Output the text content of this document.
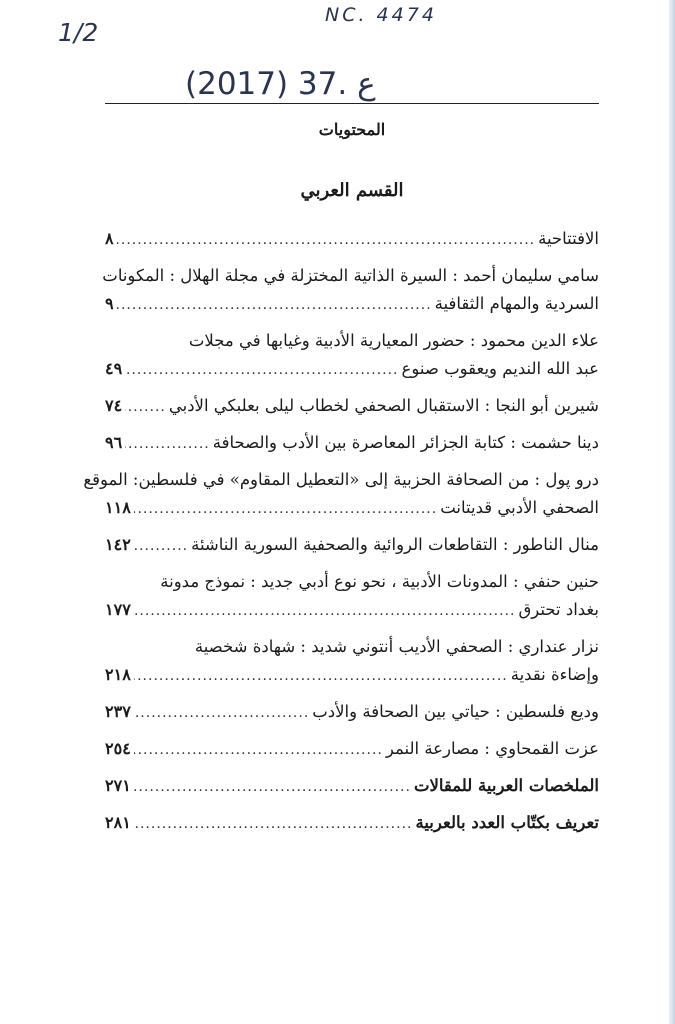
1/2
NC. 4474
(2017) 37. ع
المحتويات
القسم العربي
الافتتاحية
.....
٨
سامي سليمان أحمد : السيرة الذاتية المختزلة في مجلة الهلال : المكونات
السردية والمهام الثقافية
.....
٩
علاء الدين محمود : حضور المعيارية الأدبية وغيابها في مجلات
عبد الله النديم ويعقوب صنوع
.....
٤٩
شيرين أبو النجا : الاستقبال الصحفي لخطاب ليلى بعلبكي الأدبي
.....
٧٤
دينا حشمت : كتابة الجزائر المعاصرة بين الأدب والصحافة
.....
٩٦
درو پول : من الصحافة الحزبية إلى «التعطيل المقاوم» في فلسطين: الموقع
الصحفي الأدبي قديتانت
.....
١١٨
منال الناطور : التقاطعات الروائية والصحفية السورية الناشئة
.....
١٤٢
حنين حنفي : المدونات الأدبية ، نحو نوع أدبي جديد : نموذج مدونة
بغداد تحترق
.....
١٧٧
نزار عنداري : الصحفي الأديب أنتوني شديد : شهادة شخصية
وإضاءة نقدية
.....
٢١٨
وديع فلسطين : حياتي بين الصحافة والأدب
.....
٢٣٧
عزت القمحاوي : مصارعة النمر
.....
٢٥٤
الملخصات العربية للمقالات
.....
٢٧١
تعريف بكتّاب العدد بالعربية
.....
٢٨١
